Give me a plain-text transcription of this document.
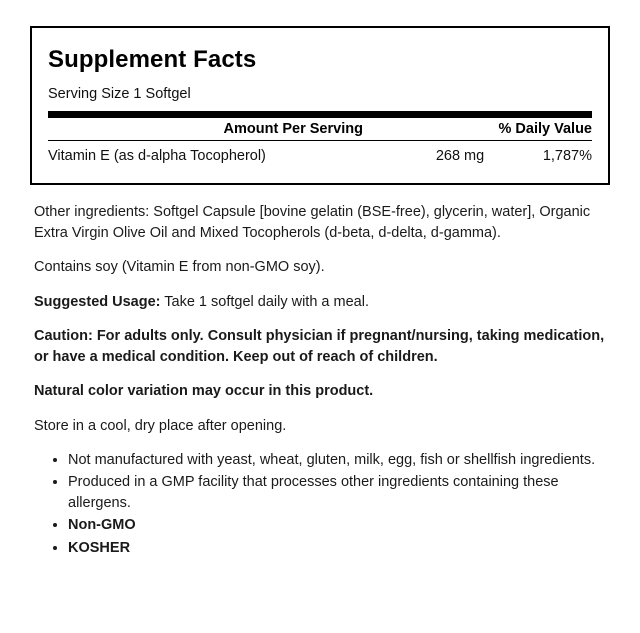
Supplement Facts
Serving Size 1 Softgel
Amount Per Serving	% Daily Value
Vitamin E (as d-alpha Tocopherol)	268 mg	1,787%

Other ingredients: Softgel Capsule [bovine gelatin (BSE-free), glycerin, water], Organic Extra Virgin Olive Oil and Mixed Tocopherols (d-beta, d-delta, d-gamma).

Contains soy (Vitamin E from non-GMO soy).

Suggested Usage: Take 1 softgel daily with a meal.

Caution: For adults only. Consult physician if pregnant/nursing, taking medication, or have a medical condition. Keep out of reach of children.

Natural color variation may occur in this product.

Store in a cool, dry place after opening.

• Not manufactured with yeast, wheat, gluten, milk, egg, fish or shellfish ingredients.
• Produced in a GMP facility that processes other ingredients containing these allergens.
• Non-GMO
• KOSHER
